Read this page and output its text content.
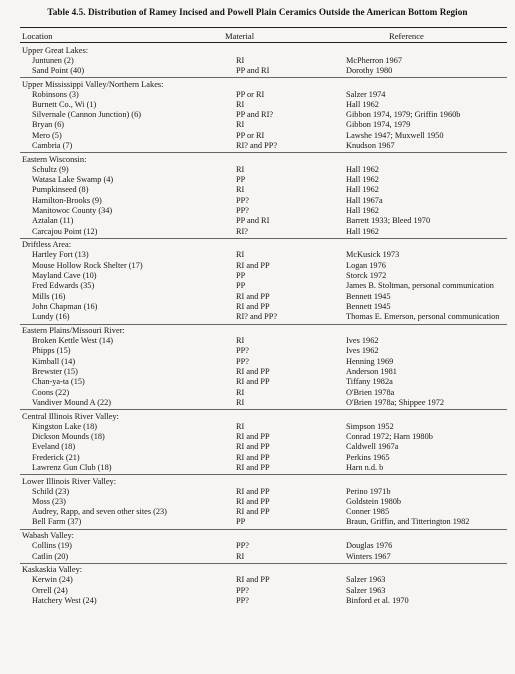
Table 4.5. Distribution of Ramey Incised and Powell Plain Ceramics Outside the American Bottom Region
Location	Material	Reference
Upper Great Lakes:
Juntunen (2)	RI	McPherron 1967
Sand Point (40)	PP and RI	Dorothy 1980
Upper Mississippi Valley/Northern Lakes:
Robinsons (3)	PP or RI	Salzer 1974
Burnett Co., Wi (1)	RI	Hall 1962
Silvernale (Cannon Junction) (6)	PP and RI?	Gibbon 1974, 1979; Griffin 1960b
Bryan (6)	RI	Gibbon 1974, 1979
Mero (5)	PP or RI	Lawshe 1947; Muxwell 1950
Cambria (7)	RI? and PP?	Knudson 1967
Eastern Wisconsin:
Schultz (9)	RI	Hall 1962
Watasa Lake Swamp (4)	PP	Hall 1962
Pumpkinseed (8)	RI	Hall 1962
Hamilton-Brooks (9)	PP?	Hall 1967a
Manitowoc County (34)	PP?	Hall 1962
Aztalan (11)	PP and RI	Barrett 1933; Bleed 1970
Carcajou Point (12)	RI?	Hall 1962
Driftless Area:
Hartley Fort (13)	RI	McKusick 1973
Mouse Hollow Rock Shelter (17)	RI and PP	Logan 1976
Mayland Cave (10)	PP	Storck 1972
Fred Edwards (35)	PP	James B. Stoltman, personal communication
Mills (16)	RI and PP	Bennett 1945
John Chapman (16)	RI and PP	Bennett 1945
Lundy (16)	RI? and PP?	Thomas E. Emerson, personal communication
Eastern Plains/Missouri River:
Broken Kettle West (14)	RI	Ives 1962
Phipps (15)	PP?	Ives 1962
Kimball (14)	PP?	Henning 1969
Brewster (15)	RI and PP	Anderson 1981
Chan-ya-ta (15)	RI and PP	Tiffany 1982a
Coons (22)	RI	O'Brien 1978a
Vandiver Mound A (22)	RI	O'Brien 1978a; Shippee 1972
Central Illinois River Valley:
Kingston Lake (18)	RI	Simpson 1952
Dickson Mounds (18)	RI and PP	Conrad 1972; Harn 1980b
Eveland (18)	RI and PP	Caldwell 1967a
Frederick (21)	RI and PP	Perkins 1965
Lawrenz Gun Club (18)	RI and PP	Harn n.d. b
Lower Illinois River Valley:
Schild (23)	RI and PP	Perino 1971b
Moss (23)	RI and PP	Goldstein 1980b
Audrey, Rapp, and seven other sites (23)	RI and PP	Conner 1985
Bell Farm (37)	PP	Braun, Griffin, and Titterington 1982
Wabash Valley:
Collins (19)	PP?	Douglas 1976
Catlin (20)	RI	Winters 1967
Kaskaskia Valley:
Kerwin (24)	RI and PP	Salzer 1963
Orrell (24)	PP?	Salzer 1963
Hatchery West (24)	PP?	Binford et al. 1970
